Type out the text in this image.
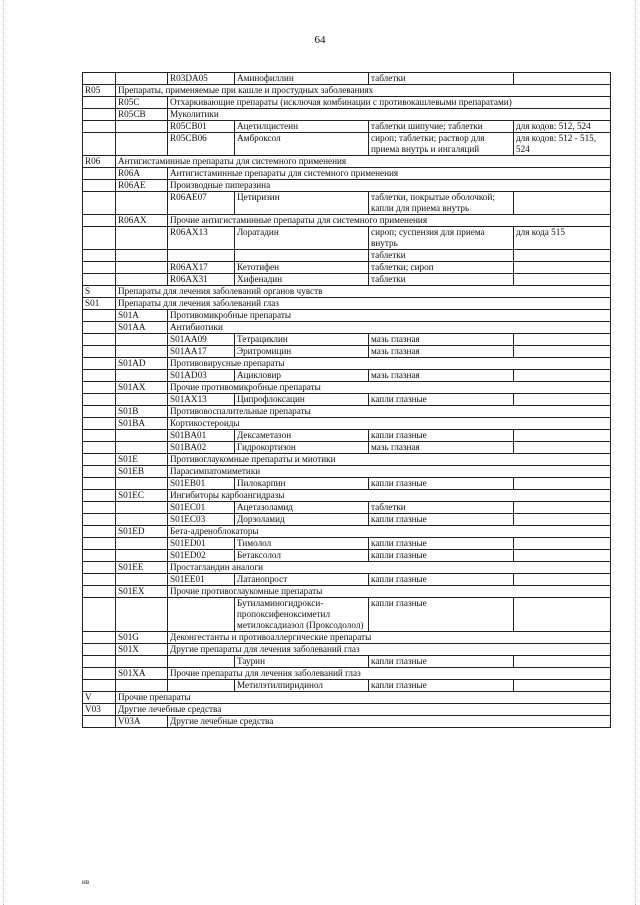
64
		R03DA05	Аминофиллин	таблетки	
R05	Препараты, применяемые при кашле и простудных заболеваниях				
	R05C	Отхаркивающие препараты (исключая комбинации с противокашлевыми препаратами)			
	R05CB	Муколитики			
		R05CB01	Ацетилцистеин	таблетки шипучие; таблетки	для кодов: 512, 524
		R05CB06	Амброксол	сироп; таблетки; раствор для приема внутрь и ингаляций	для кодов: 512 - 515, 524
R06	Антигистаминные препараты для системного применения				
	R06A	Антигистаминные препараты для системного применения			
	R06AE	Производные пиперазина			
		R06AE07	Цетиризин	таблетки, покрытые оболочкой; капли для приема внутрь	
	R06AX	Прочие антигистаминные препараты для системного применения			
		R06AX13	Лоратадин	сироп; суспензия для приема внутрь	для кода 515
				таблетки	
		R06AX17	Кетотифен	таблетки; сироп	
		R06AX31	Хифенадин	таблетки	
S	Препараты для лечения заболеваний органов чувств				
S01	Препараты для лечения заболеваний глаз				
	S01A	Противомикробные препараты			
	S01AA	Антибиотики			
		S01AA09	Тетрациклин	мазь глазная	
		S01AA17	Эритромицин	мазь глазная	
	S01AD	Противовирусные препараты			
		S01AD03	Ацикловир	мазь глазная	
	S01AX	Прочие противомикробные препараты			
		S01AX13	Ципрофлоксацин	капли глазные	
	S01B	Противовоспалительные препараты			
	S01BA	Кортикостероиды			
		S01BA01	Дексаметазон	капли глазные	
		S01BA02	Гидрокортизон	мазь глазная	
	S01E	Противоглаукомные препараты и миотики			
	S01EB	Парасимпатомиметики			
		S01EB01	Пилокарпин	капли глазные	
	S01EC	Ингибиторы карбоангидразы			
		S01EC01	Ацетазоламид	таблетки	
		S01EC03	Дорзоламид	капли глазные	
	S01ED	Бета-адреноблокаторы			
		S01ED01	Тимолол	капли глазные	
		S01ED02	Бетаксолол	капли глазные	
	S01EE	Простагландин аналоги			
		S01EE01	Латанопрост	капли глазные	
	S01EX	Прочие противоглаукомные препараты			
			Бутиламиногидрокси-пропоксифеноксиметил метилоксадиазол (Проксодолол)	капли глазные	
	S01G	Деконгестанты и противоаллергические препараты			
	S01X	Другие препараты для лечения заболеваний глаз			
			Таурин	капли глазные	
	S01XA	Прочие препараты для лечения заболеваний глаз			
			Метилэтилпиридинол	капли глазные	
V	Прочие препараты				
V03	Другие лечебные средства				
	V03A	Другие лечебные средства			
нв
